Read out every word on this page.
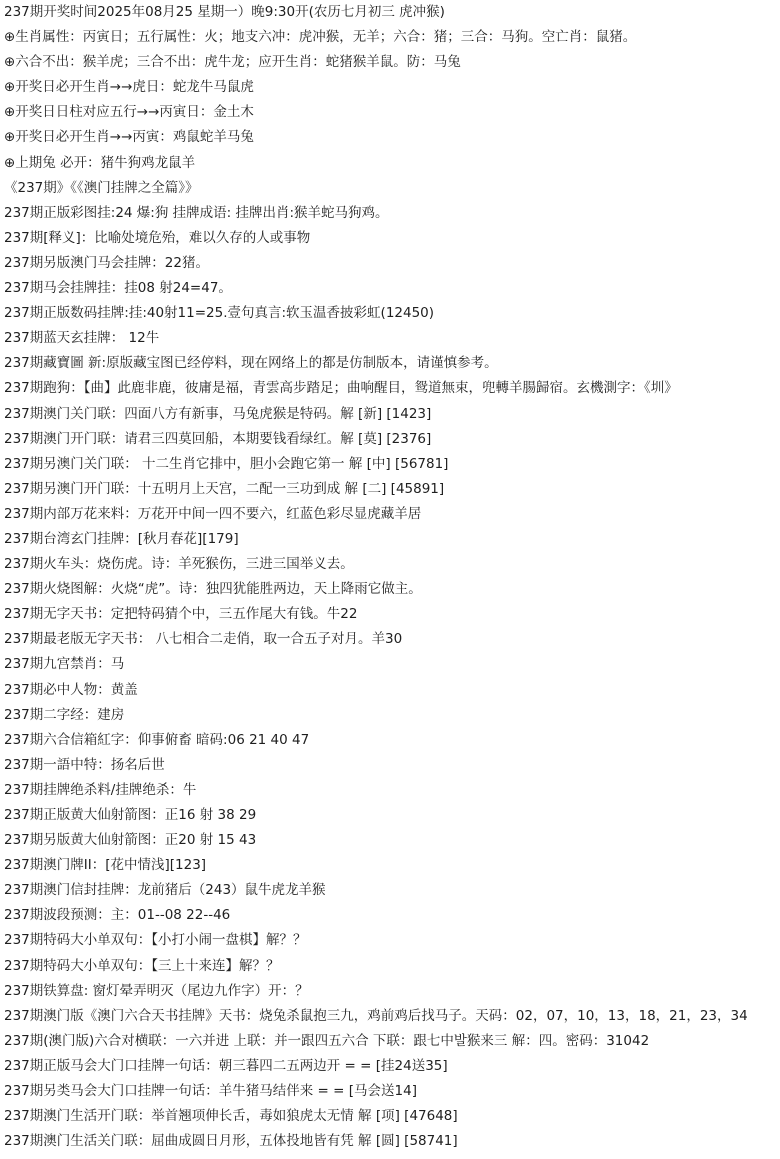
237期开奖时间2025年08月25 星期一）晚9:30开(农历七月初三 虎冲猴)
⊕生肖属性：丙寅日；五行属性：火；地支六冲：虎冲猴，无羊；六合：猪；三合：马狗。空亡肖：鼠猪。
⊕六合不出：猴羊虎；三合不出：虎牛龙；应开生肖：蛇猪猴羊鼠。防：马兔
⊕开奖日必开生肖→→虎日：蛇龙牛马鼠虎
⊕开奖日日柱对应五行→→丙寅日：金土木
⊕开奖日必开生肖→→丙寅：鸡鼠蛇羊马兔
⊕上期兔 必开：猪牛狗鸡龙鼠羊
《237期》《《澳门挂牌之全篇》》
237期正版彩图挂:24 爆:狗 挂牌成语: 挂牌出肖:猴羊蛇马狗鸡。
237期[释义]：比喻处境危殆，难以久存的人或事物
237期另版澳门马会挂牌：22猪。
237期马会挂牌挂：挂08 射24=47。
237期正版数码挂牌:挂:40射11=25.壹句真言:软玉温香披彩虹(12450)
237期蓝天玄挂牌： 12牛
237期藏寶圖 新:原版藏宝图已经停料，现在网络上的都是仿制版本，请谨慎参考。
237期跑狗：【曲】此鹿非鹿，彼庸是福，青雲高步踏足；曲响醒目，鸳道無束，兜轉羊腸歸宿。玄機測字：《圳》
237期澳门关门联：四面八方有新事，马兔虎猴是特码。解 [新] [1423]
237期澳门开门联：请君三四莫回船，本期要钱看绿红。解 [莫] [2376]
237期另澳门关门联： 十二生肖它排中，胆小会跑它第一 解 [中] [56781]
237期另澳门开门联：十五明月上天宫，二配一三功到成 解 [二] [45891]
237期内部万花来料：万花开中间一四不要六，红蓝色彩尽显虎藏羊居
237期台湾玄门挂牌：[秋月春花][179]
237期火车头：烧伤虎。诗：羊死猴伤，三进三国举义去。
237期火烧图解：火烧“虎”。诗：独四犹能胜两边，天上降雨它做主。
237期无字天书：定把特码猜个中，三五作尾大有钱。牛22
237期最老版无字天书： 八七相合二走俏，取一合五子对月。羊30
237期九宫禁肖：马
237期必中人物：黄盖
237期二字经：建房
237期六合信箱紅字：仰事俯畜 暗码:06 21 40 47
237期一語中特：扬名后世
237期挂牌绝杀料/挂牌绝杀：牛
237期正版黄大仙射箭图：正16 射 38 29
237期另版黄大仙射箭图：正20 射 15 43
237期澳门牌II：[花中情浅][123]
237期澳门信封挂牌：龙前猪后（243）鼠牛虎龙羊猴
237期波段预测：主：01--08 22--46
237期特码大小单双句：【小打小闹一盘棋】解？？
237期特码大小单双句：【三上十来连】解？？
237期铁算盘: 窗灯晕弄明灭（尾边九作字）开：？
237期澳门版《澳门六合天书挂牌》天书：烧兔杀鼠抱三九，鸡前鸡后找马子。天码：02，07，10，13，18，21，23，34
237期(澳门版)六合对横联：一六并进 上联：并一跟四五六合 下联：跟七中발猴来三 解：四。密码：31042
237期正版马会大门口挂牌一句话：朝三暮四二五两边开 = = [挂24送35]
237期另类马会大门口挂牌一句话：羊牛猪马结伴来 = = [马会送14]
237期澳门生活开门联：举首翘项伸长舌，毒如狼虎太无情 解 [项] [47648]
237期澳门生活关门联：屈曲成圆日月形，五体投地皆有凭 解 [圆] [58741]
